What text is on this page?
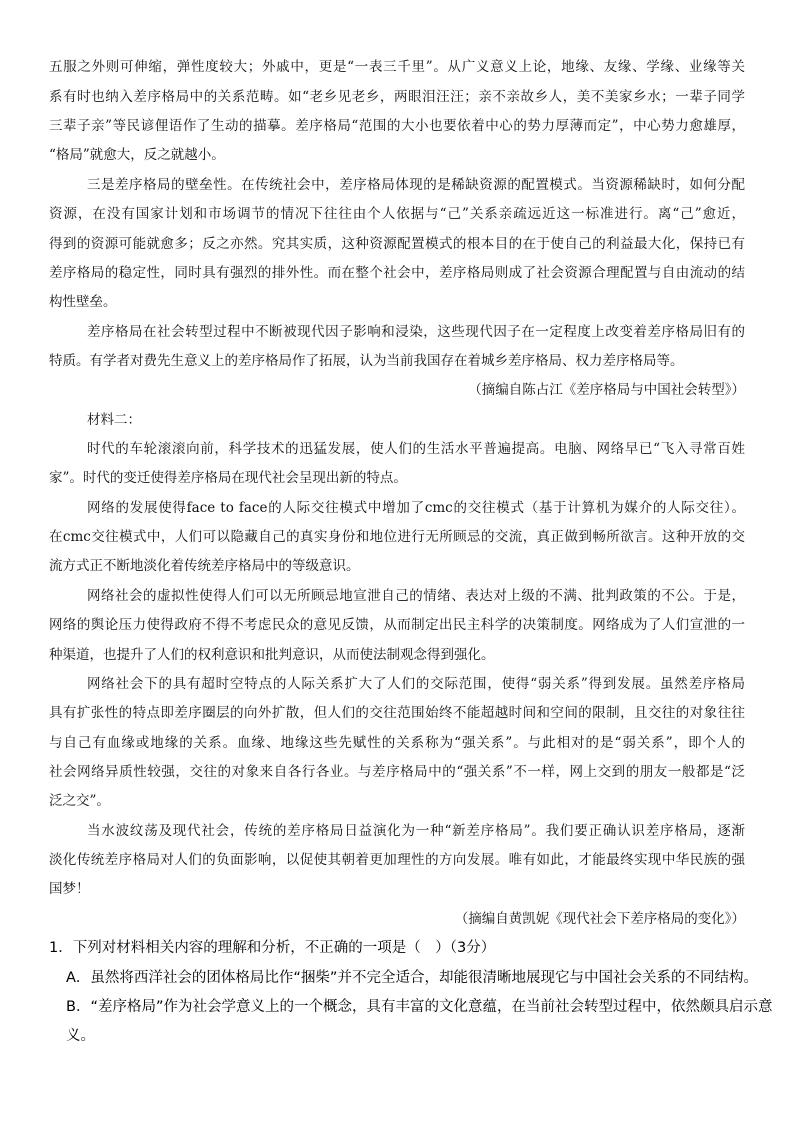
五服之外则可伸缩，弹性度较大；外戚中，更是“一表三千里”。从广义意义上论，地缘、友缘、学缘、业缘等关
系有时也纳入差序格局中的关系范畴。如“老乡见老乡，两眼泪汪汪；亲不亲故乡人，美不美家乡水；一辈子同学
三辈子亲”等民谚俚语作了生动的描摹。差序格局“范围的大小也要依着中心的势力厚薄而定”，中心势力愈雄厚，
“格局”就愈大，反之就越小。
三是差序格局的壁垒性。在传统社会中，差序格局体现的是稀缺资源的配置模式。当资源稀缺时，如何分配
资源，在没有国家计划和市场调节的情况下往往由个人依据与“己”关系亲疏远近这一标准进行。离“己”愈近，
得到的资源可能就愈多；反之亦然。究其实质，这种资源配置模式的根本目的在于使自己的利益最大化，保持已有
差序格局的稳定性，同时具有强烈的排外性。而在整个社会中，差序格局则成了社会资源合理配置与自由流动的结
构性壁垒。
差序格局在社会转型过程中不断被现代因子影响和浸染，这些现代因子在一定程度上改变着差序格局旧有的
特质。有学者对费先生意义上的差序格局作了拓展，认为当前我国存在着城乡差序格局、权力差序格局等。
（摘编自陈占江《差序格局与中国社会转型》）
材料二：
时代的车轮滚滚向前，科学技术的迅猛发展，使人们的生活水平普遍提高。电脑、网络早已“飞入寻常百姓
家”。时代的变迁使得差序格局在现代社会呈现出新的特点。
网络的发展使得face to face的人际交往模式中增加了cmc的交往模式（基于计算机为媒介的人际交往）。
在cmc交往模式中，人们可以隐藏自己的真实身份和地位进行无所顾忌的交流，真正做到畅所欲言。这种开放的交
流方式正不断地淡化着传统差序格局中的等级意识。
网络社会的虚拟性使得人们可以无所顾忌地宣泄自己的情绪、表达对上级的不满、批判政策的不公。于是，
网络的舆论压力使得政府不得不考虑民众的意见反馈，从而制定出民主科学的决策制度。网络成为了人们宣泄的一
种渠道，也提升了人们的权利意识和批判意识，从而使法制观念得到强化。
网络社会下的具有超时空特点的人际关系扩大了人们的交际范围，使得“弱关系”得到发展。虽然差序格局
具有扩张性的特点即差序圈层的向外扩散，但人们的交往范围始终不能超越时间和空间的限制，且交往的对象往往
与自己有血缘或地缘的关系。血缘、地缘这些先赋性的关系称为“强关系”。与此相对的是“弱关系”，即个人的
社会网络异质性较强，交往的对象来自各行各业。与差序格局中的“强关系”不一样，网上交到的朋友一般都是“泛
泛之交”。
当水波纹荡及现代社会，传统的差序格局日益演化为一种“新差序格局”。我们要正确认识差序格局，逐渐
淡化传统差序格局对人们的负面影响，以促使其朝着更加理性的方向发展。唯有如此，才能最终实现中华民族的强
国梦！
（摘编自黄凯妮《现代社会下差序格局的变化》）
1．下列对材料相关内容的理解和分析，不正确的一项是（　）（3分）
A．虽然将西洋社会的团体格局比作“捆柴”并不完全适合，却能很清晰地展现它与中国社会关系的不同结构。
B．“差序格局”作为社会学意义上的一个概念，具有丰富的文化意蕴，在当前社会转型过程中，依然颇具启示意
义。
